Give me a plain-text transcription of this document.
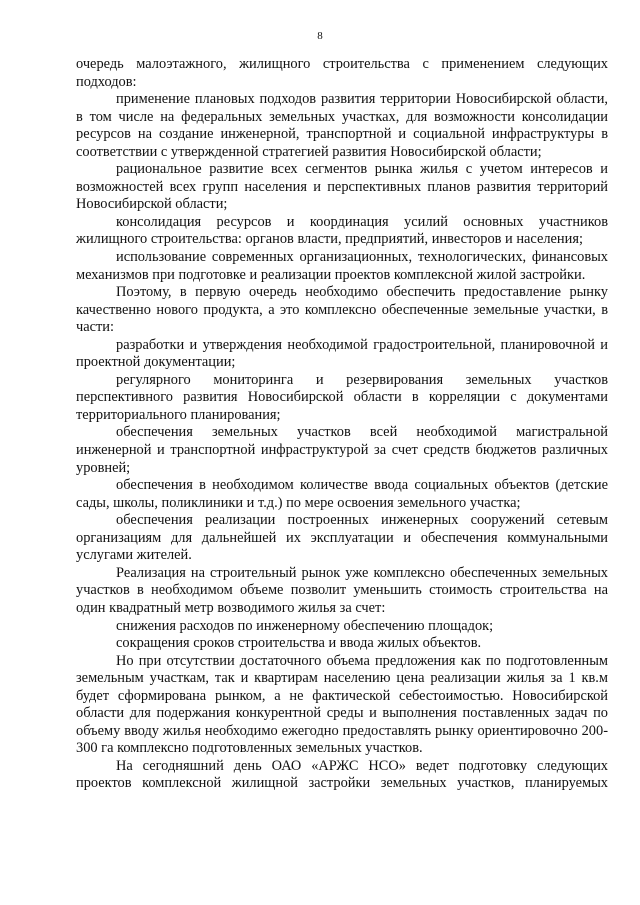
8

очередь малоэтажного, жилищного строительства с применением следующих подходов:

применение плановых подходов развития территории Новосибирской области, в том числе на федеральных земельных участках, для возможности консолидации ресурсов на создание инженерной, транспортной и социальной инфраструктуры в соответствии с утвержденной стратегией развития Новосибирской области;

рациональное развитие всех сегментов рынка жилья с учетом интересов и возможностей всех групп населения и перспективных планов развития территорий Новосибирской области;

консолидация ресурсов и координация усилий основных участников жилищного строительства: органов власти, предприятий, инвесторов и населения;

использование современных организационных, технологических, финансовых механизмов при подготовке и реализации проектов комплексной жилой застройки.

Поэтому, в первую очередь необходимо обеспечить предоставление рынку качественно нового продукта, а это комплексно обеспеченные земельные участки, в части:

разработки и утверждения необходимой градостроительной, планировочной и проектной документации;

регулярного мониторинга и резервирования земельных участков перспективного развития Новосибирской области в корреляции с документами территориального планирования;

обеспечения земельных участков всей необходимой магистральной инженерной и транспортной инфраструктурой за счет средств бюджетов различных уровней;

обеспечения в необходимом количестве ввода социальных объектов (детские сады, школы, поликлиники и т.д.) по мере освоения земельного участка;

обеспечения реализации построенных инженерных сооружений сетевым организациям для дальнейшей их эксплуатации и обеспечения коммунальными услугами жителей.

Реализация на строительный рынок уже комплексно обеспеченных земельных участков в необходимом объеме позволит уменьшить стоимость строительства на один квадратный метр возводимого жилья за счет:

снижения расходов по инженерному обеспечению площадок;

сокращения сроков строительства и ввода жилых объектов.

Но при отсутствии достаточного объема предложения как по подготовленным земельным участкам, так и квартирам населению цена реализации жилья за 1 кв.м будет сформирована рынком, а не фактической себестоимостью. Новосибирской области для подержания конкурентной среды и выполнения поставленных задач по объему вводу жилья необходимо ежегодно предоставлять рынку ориентировочно 200-300 га комплексно подготовленных земельных участков.

На сегодняшний день ОАО «АРЖС НСО» ведет подготовку следующих проектов комплексной жилищной застройки земельных участков, планируемых
